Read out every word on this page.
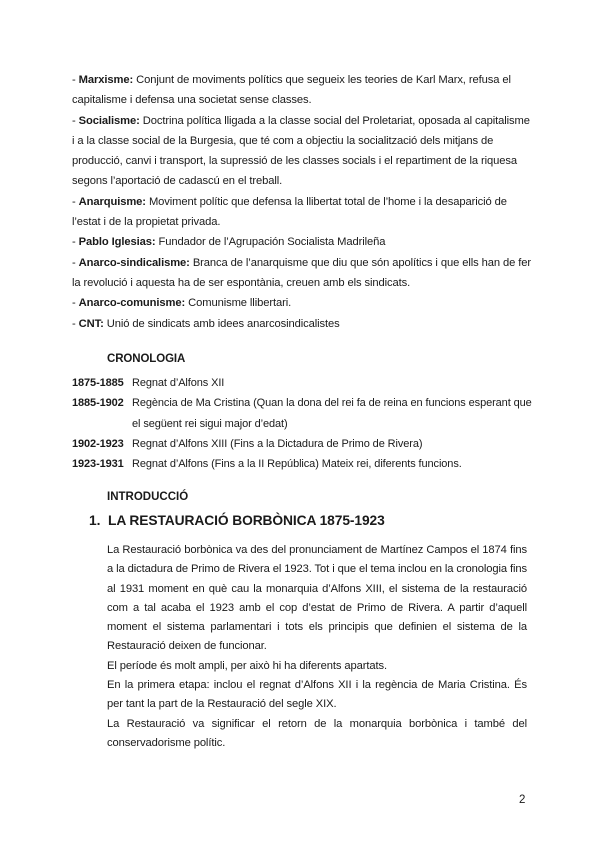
- Marxisme: Conjunt de moviments polítics que segueix les teories de Karl Marx, refusa el capitalisme i defensa una societat sense classes.

- Socialisme: Doctrina política lligada a la classe social del Proletariat, oposada al capitalisme i a la classe social de la Burgesia, que té com a objectiu la socialització dels mitjans de producció, canvi i transport, la supressió de les classes socials i el repartiment de la riquesa segons l’aportació de cadascú en el treball.

- Anarquisme: Moviment polític que defensa la llibertat total de l’home i la desaparició de l’estat i de la propietat privada.

- Pablo Iglesias: Fundador de l’Agrupación Socialista Madrileña

- Anarco-sindicalisme: Branca de l’anarquisme que diu que són apolítics i que ells han de fer la revolució i aquesta ha de ser espontània, creuen amb els sindicats.

- Anarco-comunisme: Comunisme llibertari.

- CNT: Unió de sindicats amb idees anarcosindicalistes

CRONOLOGIA
1875-1885 Regnat d’Alfons XII
1885-1902 Regència de Ma Cristina (Quan la dona del rei fa de reina en funcions esperant que el següent rei sigui major d’edat)
1902-1923 Regnat d’Alfons XIII (Fins a la Dictadura de Primo de Rivera)
1923-1931 Regnat d’Alfons (Fins a la II República) Mateix rei, diferents funcions.
INTRODUCCIÓ
1. LA RESTAURACIÓ BORBÒNICA 1875-1923

La Restauració borbònica va des del pronunciament de Martínez Campos el 1874 fins a la dictadura de Primo de Rivera el 1923. Tot i que el tema inclou en la cronologia fins al 1931 moment en què cau la monarquia d’Alfons XIII, el sistema de la restauració com a tal acaba el 1923 amb el cop d’estat de Primo de Rivera. A partir d’aquell moment el sistema parlamentari i tots els principis que definien el sistema de la Restauració deixen de funcionar.

El període és molt ampli, per això hi ha diferents apartats.

En la primera etapa: inclou el regnat d’Alfons XII i la regència de Maria Cristina. És per tant la part de la Restauració del segle XIX.

La Restauració va significar el retorn de la monarquia borbònica i també del conservadorisme polític.

2
